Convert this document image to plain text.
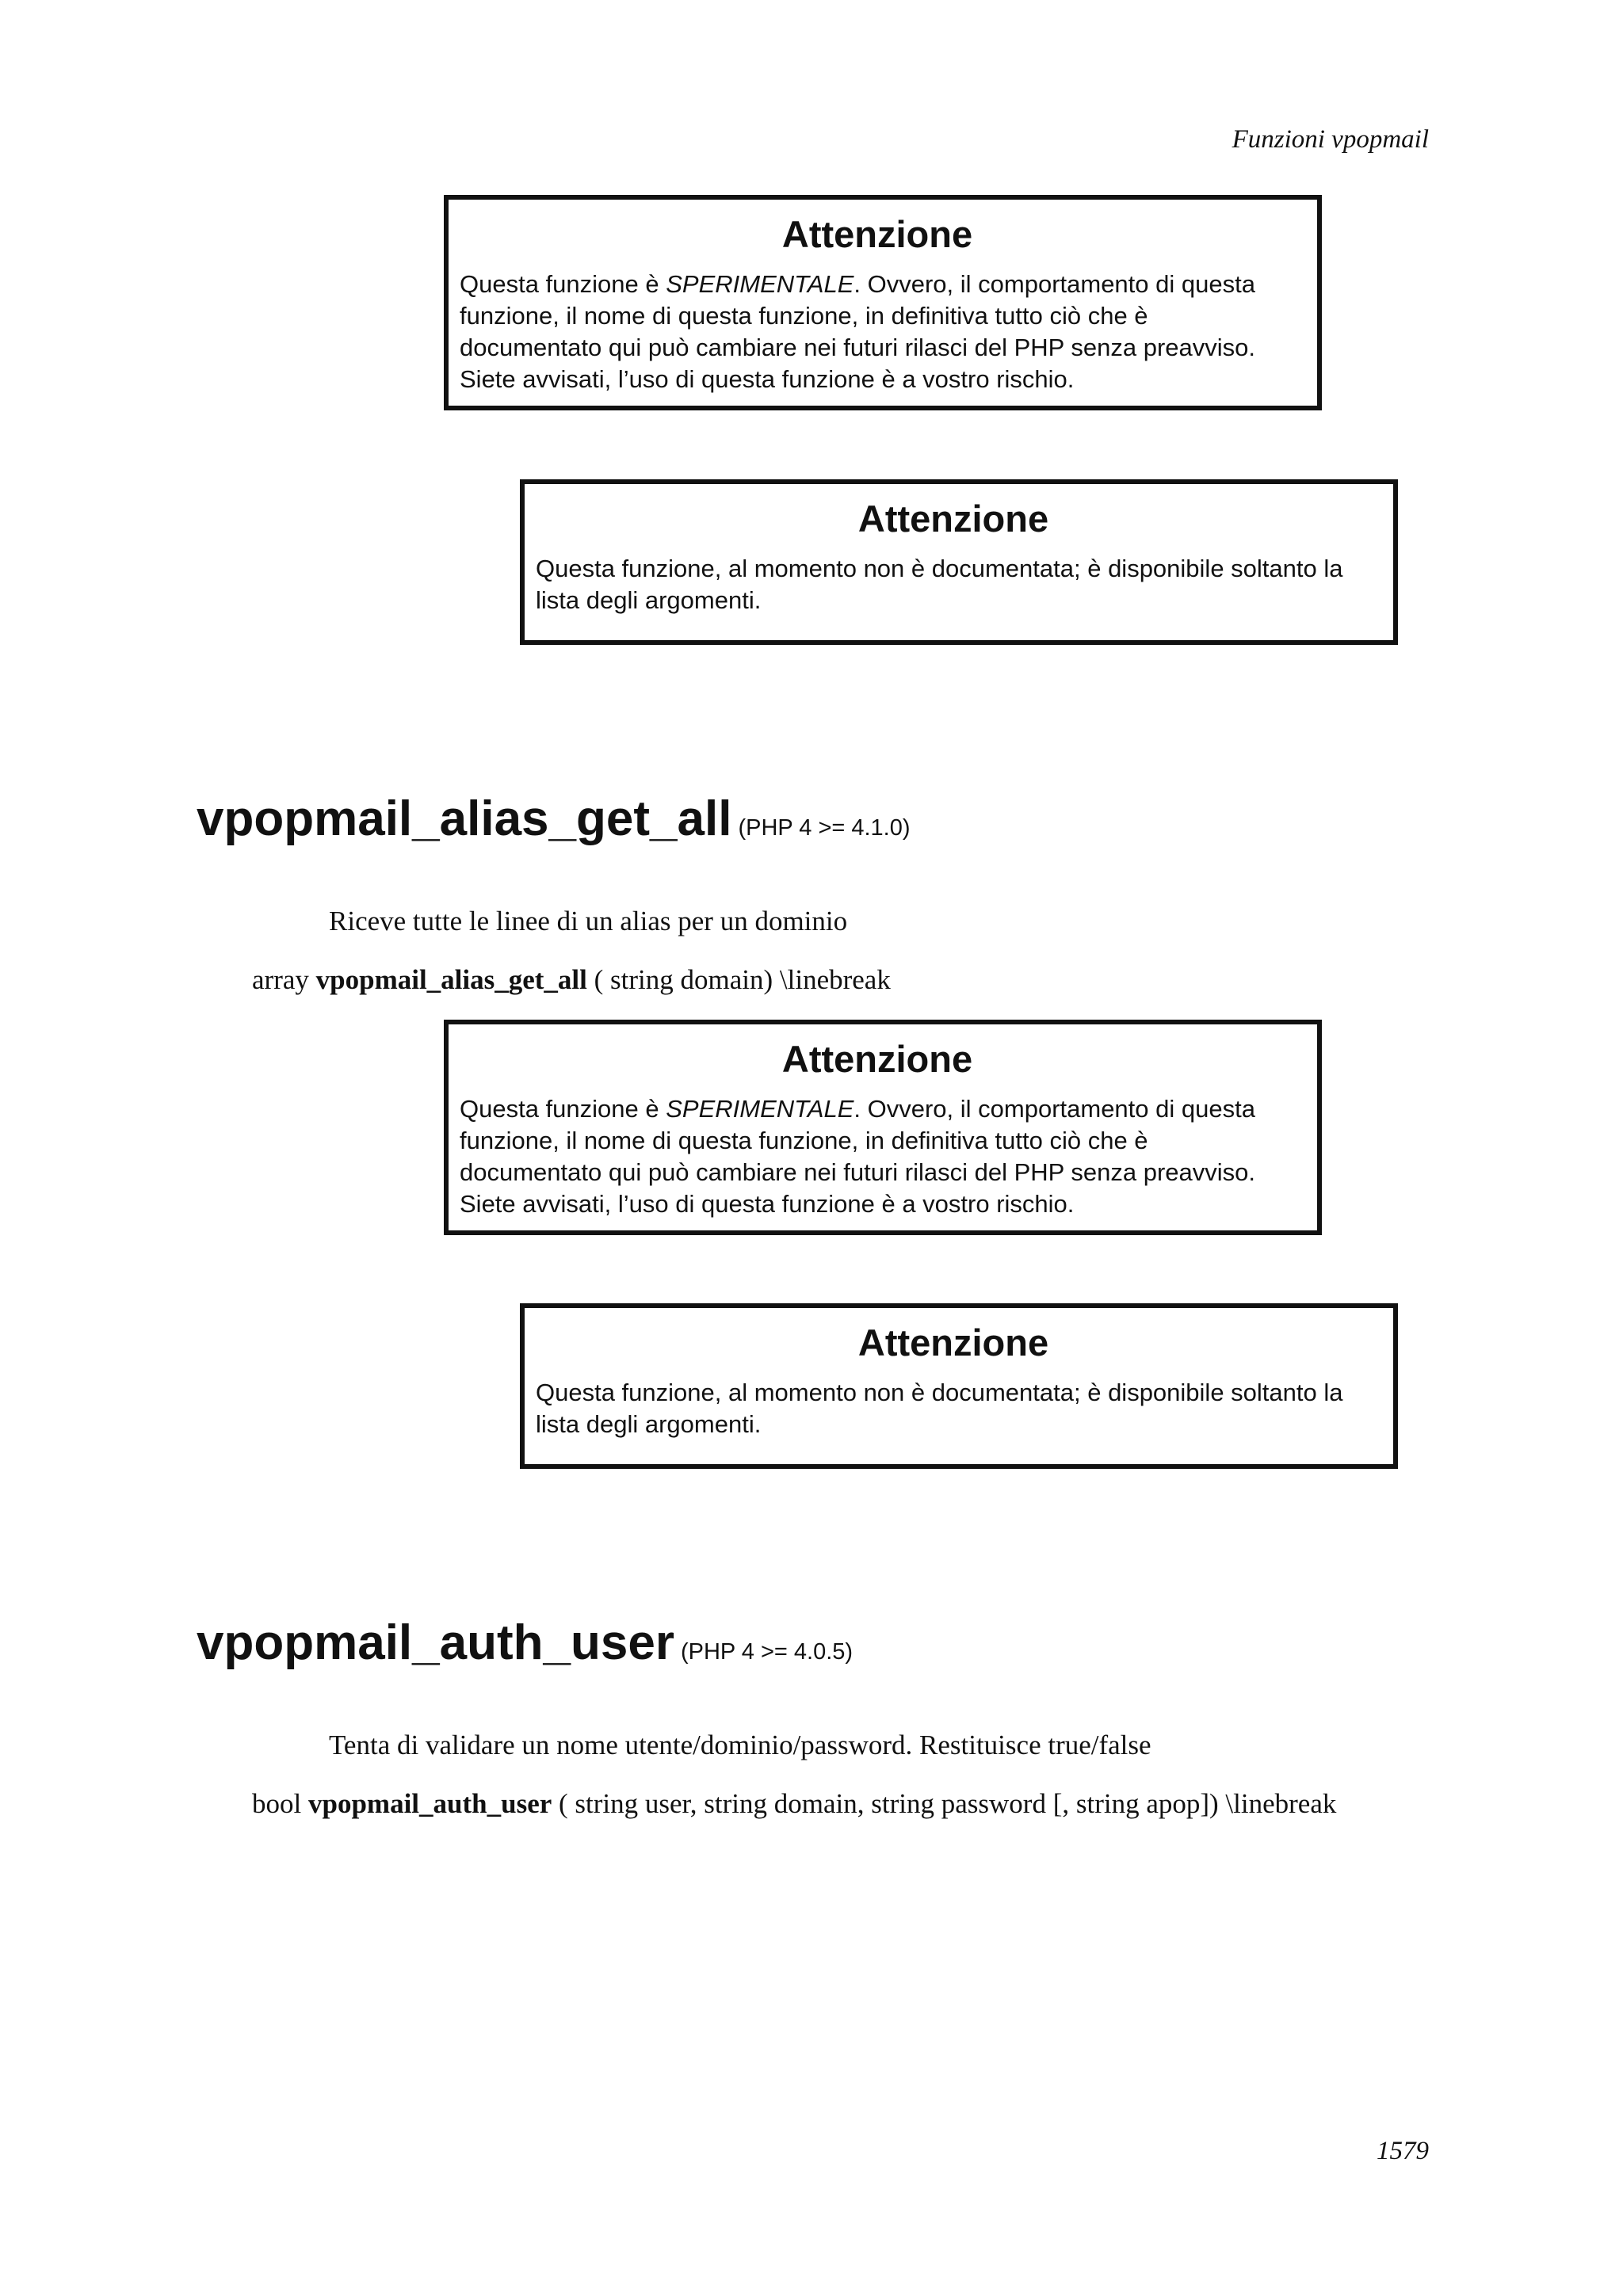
Funzioni vpopmail
Attenzione

Questa funzione è SPERIMENTALE. Ovvero, il comportamento di questa funzione, il nome di questa funzione, in definitiva tutto ciò che è documentato qui può cambiare nei futuri rilasci del PHP senza preavviso. Siete avvisati, l’uso di questa funzione è a vostro rischio.

Attenzione

Questa funzione, al momento non è documentata; è disponibile soltanto la lista degli argomenti.

vpopmail_alias_get_all (PHP 4 >= 4.1.0)

Riceve tutte le linee di un alias per un dominio

array vpopmail_alias_get_all ( string domain) \linebreak

Attenzione

Questa funzione è SPERIMENTALE. Ovvero, il comportamento di questa funzione, il nome di questa funzione, in definitiva tutto ciò che è documentato qui può cambiare nei futuri rilasci del PHP senza preavviso. Siete avvisati, l’uso di questa funzione è a vostro rischio.

Attenzione

Questa funzione, al momento non è documentata; è disponibile soltanto la lista degli argomenti.

vpopmail_auth_user (PHP 4 >= 4.0.5)

Tenta di validare un nome utente/dominio/password. Restituisce true/false

bool vpopmail_auth_user ( string user, string domain, string password [, string apop]) \linebreak

1579
